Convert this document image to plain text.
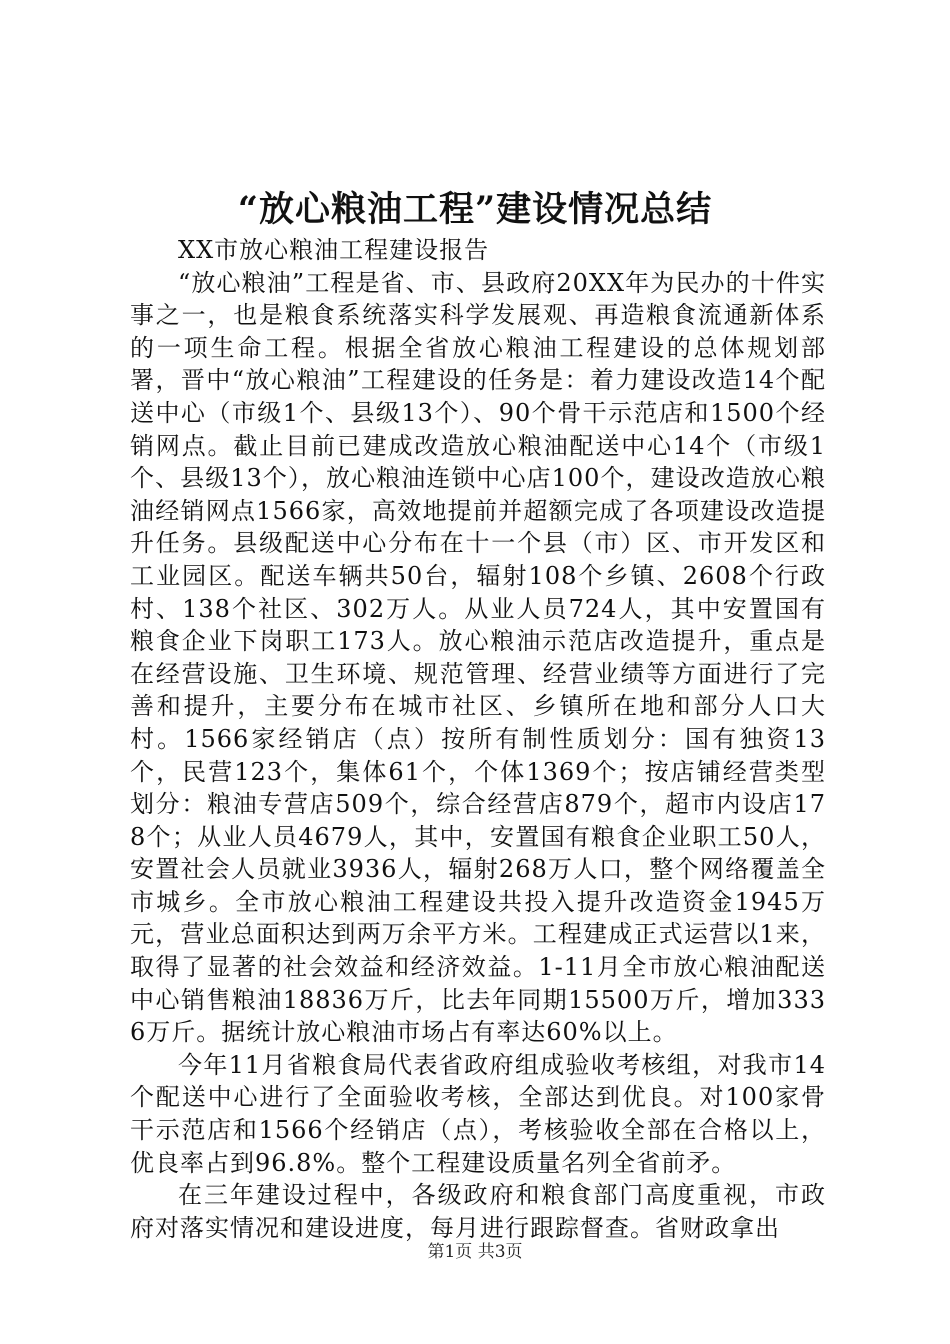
“放心粮油工程”建设情况总结

XX市放心粮油工程建设报告

“放心粮油”工程是省、市、县政府20XX年为民办的十件实事之一，也是粮食系统落实科学发展观、再造粮食流通新体系的一项生命工程。根据全省放心粮油工程建设的总体规划部署，晋中“放心粮油”工程建设的任务是：着力建设改造14个配送中心（市级1个、县级13个）、90个骨干示范店和1500个经销网点。截止目前已建成改造放心粮油配送中心14个（市级1个、县级13个），放心粮油连锁中心店100个，建设改造放心粮油经销网点1566家，高效地提前并超额完成了各项建设改造提升任务。县级配送中心分布在十一个县（市）区、市开发区和工业园区。配送车辆共50台，辐射108个乡镇、2608个行政村、138个社区、302万人。从业人员724人，其中安置国有粮食企业下岗职工173人。放心粮油示范店改造提升，重点是在经营设施、卫生环境、规范管理、经营业绩等方面进行了完善和提升，主要分布在城市社区、乡镇所在地和部分人口大村。1566家经销店（点）按所有制性质划分：国有独资13个，民营123个，集体61个，个体1369个；按店铺经营类型划分：粮油专营店509个，综合经营店879个，超市内设店178个；从业人员4679人，其中，安置国有粮食企业职工50人，安置社会人员就业3936人，辐射268万人口，整个网络覆盖全市城乡。全市放心粮油工程建设共投入提升改造资金1945万元，营业总面积达到两万余平方米。工程建成正式运营以1来，取得了显著的社会效益和经济效益。1-11月全市放心粮油配送中心销售粮油18836万斤，比去年同期15500万斤，增加3336万斤。据统计放心粮油市场占有率达60%以上。

今年11月省粮食局代表省政府组成验收考核组，对我市14个配送中心进行了全面验收考核，全部达到优良。对100家骨干示范店和1566个经销店（点），考核验收全部在合格以上，优良率占到96.8%。整个工程建设质量名列全省前矛。

在三年建设过程中，各级政府和粮食部门高度重视，市政府对落实情况和建设进度，每月进行跟踪督查。省财政拿出

第1页 共3页
